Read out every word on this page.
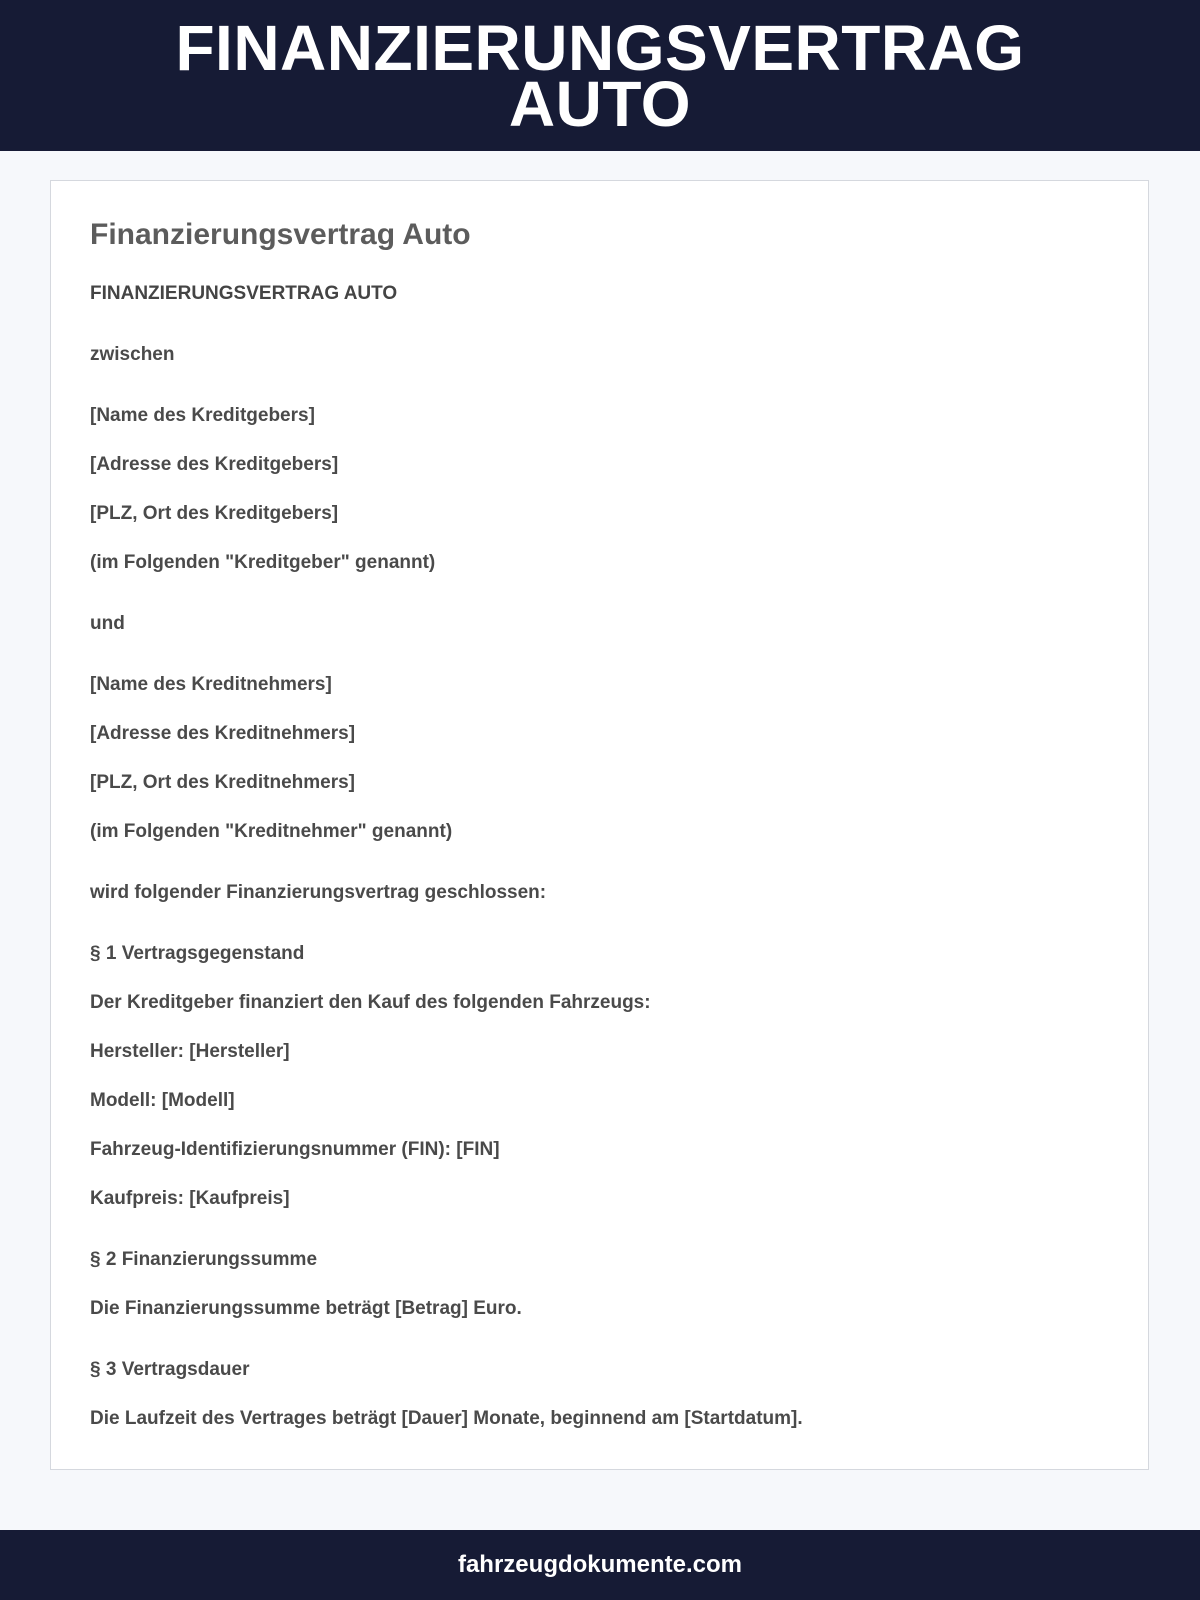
FINANZIERUNGSVERTRAG AUTO
Finanzierungsvertrag Auto

FINANZIERUNGSVERTRAG AUTO

zwischen

[Name des Kreditgebers]

[Adresse des Kreditgebers]

[PLZ, Ort des Kreditgebers]

(im Folgenden "Kreditgeber" genannt)

und

[Name des Kreditnehmers]

[Adresse des Kreditnehmers]

[PLZ, Ort des Kreditnehmers]

(im Folgenden "Kreditnehmer" genannt)

wird folgender Finanzierungsvertrag geschlossen:

§ 1 Vertragsgegenstand

Der Kreditgeber finanziert den Kauf des folgenden Fahrzeugs:

Hersteller: [Hersteller]

Modell: [Modell]

Fahrzeug-Identifizierungsnummer (FIN): [FIN]

Kaufpreis: [Kaufpreis]

§ 2 Finanzierungssumme

Die Finanzierungssumme beträgt [Betrag] Euro.

§ 3 Vertragsdauer

Die Laufzeit des Vertrages beträgt [Dauer] Monate, beginnend am [Startdatum].

fahrzeugdokumente.com
